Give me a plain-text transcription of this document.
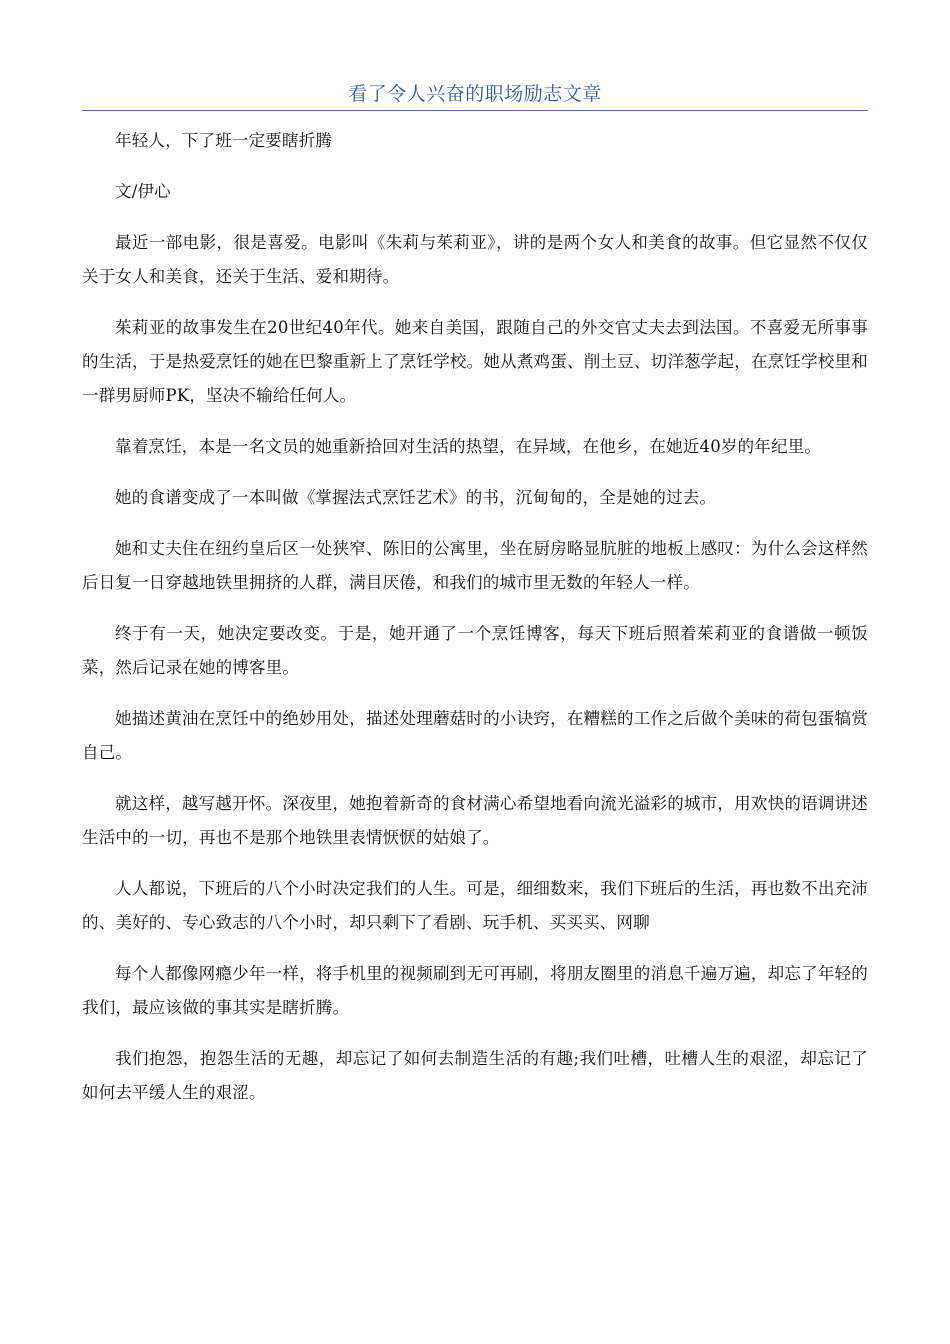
看了令人兴奋的职场励志文章

年轻人，下了班一定要瞎折腾

文/伊心

最近一部电影，很是喜爱。电影叫《朱莉与茱莉亚》，讲的是两个女人和美食的故事。但它显然不仅仅关于女人和美食，还关于生活、爱和期待。

茱莉亚的故事发生在20世纪40年代。她来自美国，跟随自己的外交官丈夫去到法国。不喜爱无所事事的生活，于是热爱烹饪的她在巴黎重新上了烹饪学校。她从煮鸡蛋、削土豆、切洋葱学起，在烹饪学校里和一群男厨师PK，坚决不输给任何人。

靠着烹饪，本是一名文员的她重新拾回对生活的热望，在异域，在他乡，在她近40岁的年纪里。

她的食谱变成了一本叫做《掌握法式烹饪艺术》的书，沉甸甸的，全是她的过去。

她和丈夫住在纽约皇后区一处狭窄、陈旧的公寓里，坐在厨房略显肮脏的地板上感叹：为什么会这样然后日复一日穿越地铁里拥挤的人群，满目厌倦，和我们的城市里无数的年轻人一样。

终于有一天，她决定要改变。于是，她开通了一个烹饪博客，每天下班后照着茱莉亚的食谱做一顿饭菜，然后记录在她的博客里。

她描述黄油在烹饪中的绝妙用处，描述处理蘑菇时的小诀窍，在糟糕的工作之后做个美味的荷包蛋犒赏自己。

就这样，越写越开怀。深夜里，她抱着新奇的食材满心希望地看向流光溢彩的城市，用欢快的语调讲述生活中的一切，再也不是那个地铁里表情恹恹的姑娘了。

人人都说，下班后的八个小时决定我们的人生。可是，细细数来，我们下班后的生活，再也数不出充沛的、美好的、专心致志的八个小时，却只剩下了看剧、玩手机、买买买、网聊

每个人都像网瘾少年一样，将手机里的视频刷到无可再刷，将朋友圈里的消息千遍万遍，却忘了年轻的我们，最应该做的事其实是瞎折腾。

我们抱怨，抱怨生活的无趣，却忘记了如何去制造生活的有趣;我们吐槽，吐槽人生的艰涩，却忘记了如何去平缓人生的艰涩。
